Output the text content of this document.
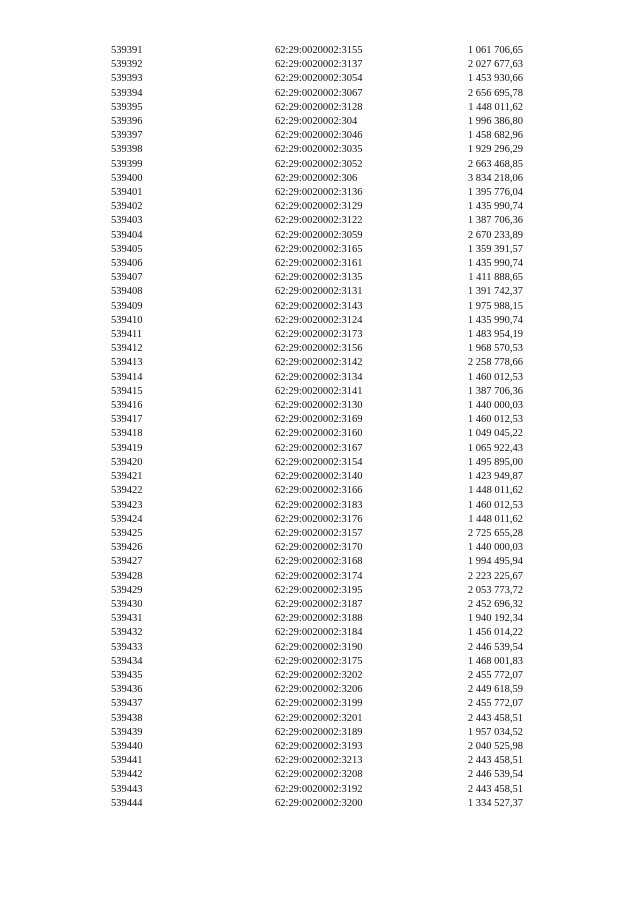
539391	62:29:0020002:3155	1 061 706,65
539392	62:29:0020002:3137	2 027 677,63
539393	62:29:0020002:3054	1 453 930,66
539394	62:29:0020002:3067	2 656 695,78
539395	62:29:0020002:3128	1 448 011,62
539396	62:29:0020002:304	1 996 386,80
539397	62:29:0020002:3046	1 458 682,96
539398	62:29:0020002:3035	1 929 296,29
539399	62:29:0020002:3052	2 663 468,85
539400	62:29:0020002:306	3 834 218,06
539401	62:29:0020002:3136	1 395 776,04
539402	62:29:0020002:3129	1 435 990,74
539403	62:29:0020002:3122	1 387 706,36
539404	62:29:0020002:3059	2 670 233,89
539405	62:29:0020002:3165	1 359 391,57
539406	62:29:0020002:3161	1 435 990,74
539407	62:29:0020002:3135	1 411 888,65
539408	62:29:0020002:3131	1 391 742,37
539409	62:29:0020002:3143	1 975 988,15
539410	62:29:0020002:3124	1 435 990,74
539411	62:29:0020002:3173	1 483 954,19
539412	62:29:0020002:3156	1 968 570,53
539413	62:29:0020002:3142	2 258 778,66
539414	62:29:0020002:3134	1 460 012,53
539415	62:29:0020002:3141	1 387 706,36
539416	62:29:0020002:3130	1 440 000,03
539417	62:29:0020002:3169	1 460 012,53
539418	62:29:0020002:3160	1 049 045,22
539419	62:29:0020002:3167	1 065 922,43
539420	62:29:0020002:3154	1 495 895,00
539421	62:29:0020002:3140	1 423 949,87
539422	62:29:0020002:3166	1 448 011,62
539423	62:29:0020002:3183	1 460 012,53
539424	62:29:0020002:3176	1 448 011,62
539425	62:29:0020002:3157	2 725 655,28
539426	62:29:0020002:3170	1 440 000,03
539427	62:29:0020002:3168	1 994 495,94
539428	62:29:0020002:3174	2 223 225,67
539429	62:29:0020002:3195	2 053 773,72
539430	62:29:0020002:3187	2 452 696,32
539431	62:29:0020002:3188	1 940 192,34
539432	62:29:0020002:3184	1 456 014,22
539433	62:29:0020002:3190	2 446 539,54
539434	62:29:0020002:3175	1 468 001,83
539435	62:29:0020002:3202	2 455 772,07
539436	62:29:0020002:3206	2 449 618,59
539437	62:29:0020002:3199	2 455 772,07
539438	62:29:0020002:3201	2 443 458,51
539439	62:29:0020002:3189	1 957 034,52
539440	62:29:0020002:3193	2 040 525,98
539441	62:29:0020002:3213	2 443 458,51
539442	62:29:0020002:3208	2 446 539,54
539443	62:29:0020002:3192	2 443 458,51
539444	62:29:0020002:3200	1 334 527,37
